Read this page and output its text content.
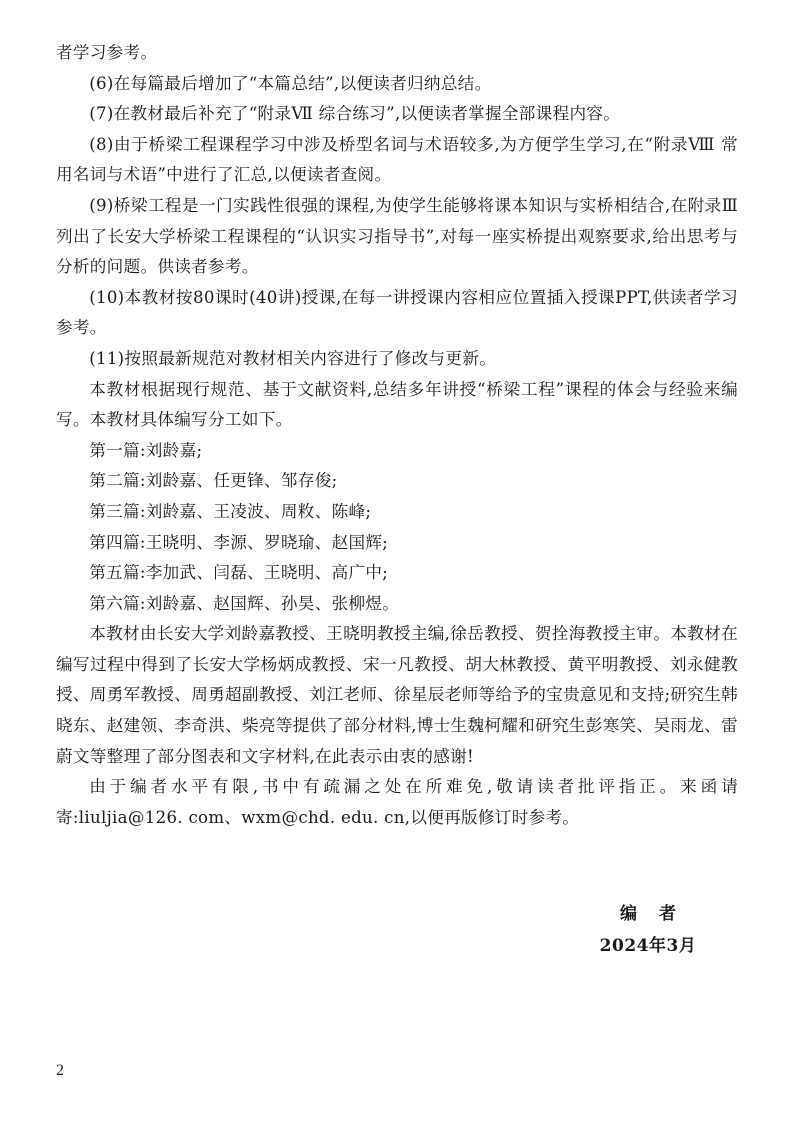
者学习参考。

(6)在每篇最后增加了“本篇总结”,以便读者归纳总结。

(7)在教材最后补充了“附录Ⅶ 综合练习”,以便读者掌握全部课程内容。

(8)由于桥梁工程课程学习中涉及桥型名词与术语较多,为方便学生学习,在“附录Ⅷ 常用名词与术语”中进行了汇总,以便读者查阅。

(9)桥梁工程是一门实践性很强的课程,为使学生能够将课本知识与实桥相结合,在附录Ⅲ列出了长安大学桥梁工程课程的“认识实习指导书”,对每一座实桥提出观察要求,给出思考与分析的问题。供读者参考。

(10)本教材按80课时(40讲)授课,在每一讲授课内容相应位置插入授课PPT,供读者学习参考。

(11)按照最新规范对教材相关内容进行了修改与更新。

本教材根据现行规范、基于文献资料,总结多年讲授“桥梁工程”课程的体会与经验来编写。本教材具体编写分工如下。

第一篇:刘龄嘉;

第二篇:刘龄嘉、任更锋、邹存俊;

第三篇:刘龄嘉、王凌波、周敉、陈峰;

第四篇:王晓明、李源、罗晓瑜、赵国辉;

第五篇:李加武、闫磊、王晓明、高广中;

第六篇:刘龄嘉、赵国辉、孙昊、张柳煜。

本教材由长安大学刘龄嘉教授、王晓明教授主编,徐岳教授、贺拴海教授主审。本教材在编写过程中得到了长安大学杨炳成教授、宋一凡教授、胡大林教授、黄平明教授、刘永健教授、周勇军教授、周勇超副教授、刘江老师、徐星辰老师等给予的宝贵意见和支持;研究生韩晓东、赵建领、李奇洪、柴亮等提供了部分材料,博士生魏柯耀和研究生彭寒笑、吴雨龙、雷蔚文等整理了部分图表和文字材料,在此表示由衷的感谢!

由于编者水平有限,书中有疏漏之处在所难免,敬请读者批评指正。来函请寄:liuljia@126. com、wxm@chd. edu. cn,以便再版修订时参考。

编者
2024年3月
2
